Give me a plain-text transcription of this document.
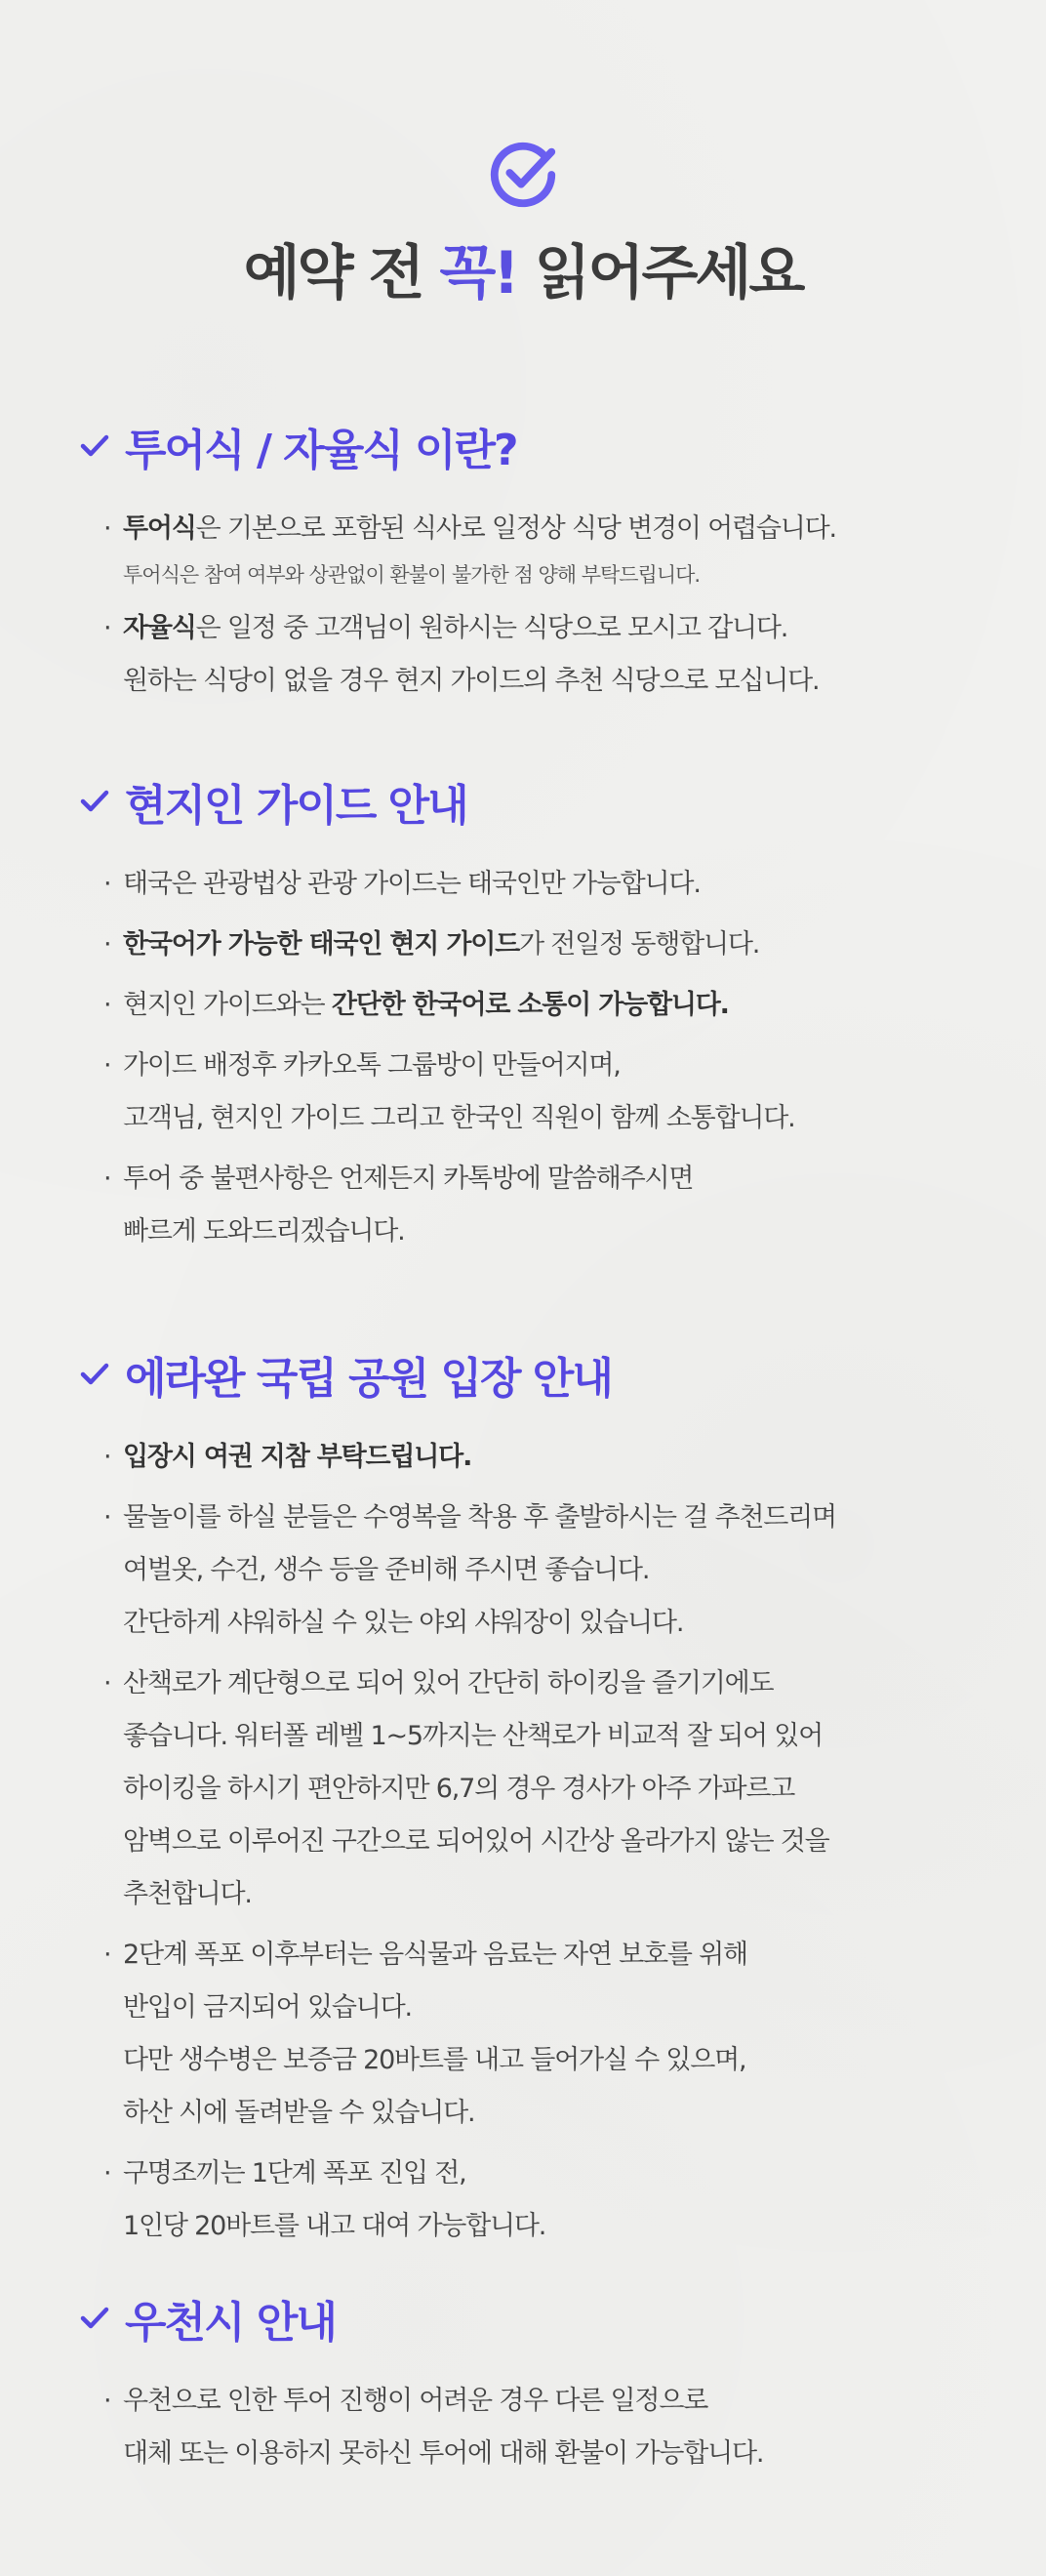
예약 전 꼭! 읽어주세요
투어식 / 자율식 이란?
· 투어식은 기본으로 포함된 식사로 일정상 식당 변경이 어렵습니다.
투어식은 참여 여부와 상관없이 환불이 불가한 점 양해 부탁드립니다.
· 자율식은 일정 중 고객님이 원하시는 식당으로 모시고 갑니다.
원하는 식당이 없을 경우 현지 가이드의 추천 식당으로 모십니다.
현지인 가이드 안내
· 태국은 관광법상 관광 가이드는 태국인만 가능합니다.
· 한국어가 가능한 태국인 현지 가이드가 전일정 동행합니다.
· 현지인 가이드와는 간단한 한국어로 소통이 가능합니다.
· 가이드 배정후 카카오톡 그룹방이 만들어지며,
고객님, 현지인 가이드 그리고 한국인 직원이 함께 소통합니다.
· 투어 중 불편사항은 언제든지 카톡방에 말씀해주시면
빠르게 도와드리겠습니다.
에라완 국립 공원 입장 안내
· 입장시 여권 지참 부탁드립니다.
· 물놀이를 하실 분들은 수영복을 착용 후 출발하시는 걸 추천드리며
여벌옷, 수건, 생수 등을 준비해 주시면 좋습니다.
간단하게 샤워하실 수 있는 야외 샤워장이 있습니다.
· 산책로가 계단형으로 되어 있어 간단히 하이킹을 즐기기에도
좋습니다. 워터폴 레벨 1~5까지는 산책로가 비교적 잘 되어 있어
하이킹을 하시기 편안하지만 6,7의 경우 경사가 아주 가파르고
암벽으로 이루어진 구간으로 되어있어 시간상 올라가지 않는 것을
추천합니다.
· 2단계 폭포 이후부터는 음식물과 음료는 자연 보호를 위해
반입이 금지되어 있습니다.
다만 생수병은 보증금 20바트를 내고 들어가실 수 있으며,
하산 시에 돌려받을 수 있습니다.
· 구명조끼는 1단계 폭포 진입 전,
1인당 20바트를 내고 대여 가능합니다.
우천시 안내
· 우천으로 인한 투어 진행이 어려운 경우 다른 일정으로
대체 또는 이용하지 못하신 투어에 대해 환불이 가능합니다.
